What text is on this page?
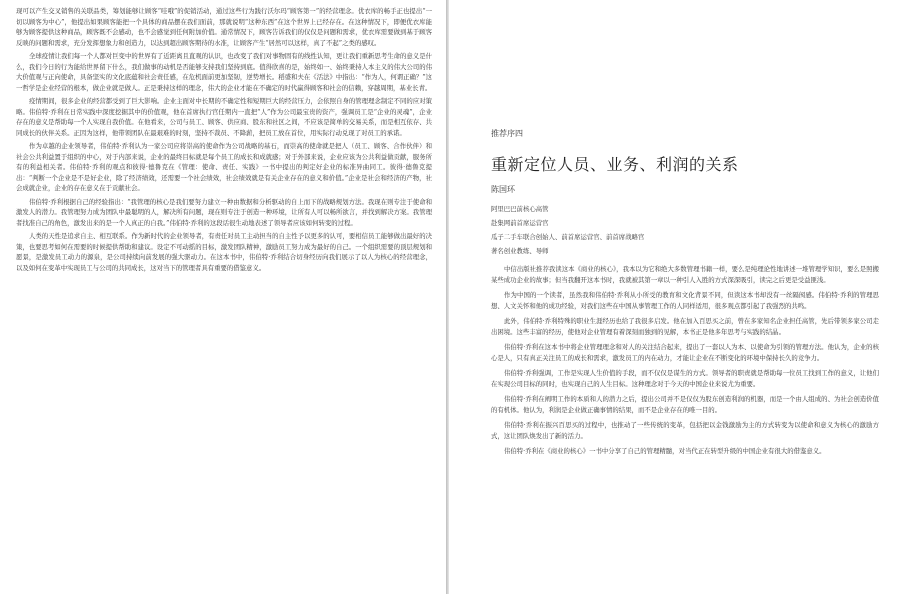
现可以产生交叉销售的关联品类，筹划能够让顾客“哇哦”的促销活动，通过这些行为践行沃尔玛“顾客第一”的经营理念。优衣库的畅手正也提出“一切以顾客为中心”，他提出如果顾客能把一个具体的商品摆在我们面前，那就说明“这种东西”在这个世界上已经存在。在这种情况下，即便优衣库能够为顾客提供这种商品，顾客既不会感动，也不会感觉到任何附加价值。通常情况下，顾客告诉我们的仅仅是问题和需求，优衣库需要做到基于顾客反映的问题和需求，充分发挥想象力和创造力，以达到超出顾客期待的水准，让顾客产生“居然可以这样，真了不起”之类的感叹。

全球疫情让我们每一个人都对巨变中的世界有了近距离且直观的认识，也改变了我们对事物固有的线性认知，更让我们重新思考生命的意义是什么，我们今日的行为能给世界留下什么，我们做事的动机是否能够支持我们坚持到底。值得欣喜的是，始终如一、始终秉持人本主义的伟大公司的伟大价值观与正向使命，具备坚实的文化底蕴和社会责任感，在危机面前更加坚韧，逆势增长。稻盛和夫在《活法》中指出：“作为人，何谓正确？”这一哲学是企业经营的根本，做企业就是做人。正是秉持这样的理念，伟大的企业才能在不确定的时代赢得顾客和社会的信赖，穿越周期，基业长青。

疫情期间，很多企业的经营都受到了巨大影响。企业主面对中长期的不确定性和短期巨大的经营压力，会依照自身的管理理念制定不同的应对策略。伟伯特·乔利在日常实践中深度挖掘其中的价值观，他在首席执行官任期内一直把“人”作为公司最宝贵的资产，强调员工是“企业的灵魂”，企业存在的意义是帮助每一个人实现自我价值。在他看来，公司与员工、顾客、供应商、股东和社区之间，不应该是简单的交易关系，而是相互依存、共同成长的伙伴关系。正因为这样，他带领团队在最艰难的时刻，坚持不裁员、不降薪，把员工放在首位，用实际行动兑现了对员工的承诺。

作为卓越的企业领导者，伟伯特·乔利认为一家公司应将崇高的使命作为公司战略的基石，而崇高的使命就是把人（员工、顾客、合作伙伴）和社会公共利益置于组织的中心，对于内部来说，企业的最终目标就是每个员工的成长和成就感；对于外部来说，企业应该为公共利益做贡献，服务所有的利益相关者。伟伯特·乔利的观点和彼得·德鲁克在《管理：使命、责任、实践》一书中提出的判定好企业的标准异曲同工。彼得·德鲁克提出：“判断一个企业是不是好企业，除了经济绩效，还需要一个社会绩效，社会绩效就是有关企业存在的意义和价值。”企业是社会和经济的产物，社会成就企业，企业的存在意义在于贡献社会。

伟伯特·乔利根据自己的经验指出：“我管理的核心是我们要努力建立一种由数据和分析驱动的自上而下的战略规划方法。我现在则专注于使命和激发人的潜力。我管理努力成为团队中最聪明的人，解决所有问题，现在则专注于创造一种环境，让所有人可以畅所欲言，并找到解决方案。我管理者找准自己的角色，激发出来的是一个人真正的自我。”伟伯特·乔利的这段话很生动地表述了领导者应该如何转变的过程。

人类的天性是追求自主、相互联系。作为新时代的企业领导者，有责任对员工主动担当的自主性予以更多的认可，要相信员工能够做出最好的决策，也要思考如何在需要的时候提供帮助和建议。设定不可动摇的目标，激发团队精神，激励员工努力成为最好的自己。一个组织需要的顶层规划和愿景，是激发员工动力的源泉，是公司持续向前发展的强大驱动力。在这本书中，伟伯特·乔利结合切身经历向我们展示了以人为核心的经营理念，以及如何在变革中实现员工与公司的共同成长，这对当下的管理者具有重要的借鉴意义。

推荐序四

重新定位人员、业务、利润的关系

陈国环

阿里巴巴前核心高管

赴集网前首席运营官

瓜子二手车联合创始人、前首席运营官、前首席战略官

著名创业教练、导师

中信出版社推荐我读这本《商业的核心》，我本以为它和绝大多数管理书籍一样，要么是纯理论性地讲述一堆管理学知识，要么是照搬某些成功企业的故事；但当我翻开这本书时，我就被其第一章以一种引人入胜的方式深深吸引，读完之后更是受益匪浅。

作为中国的一个读者，虽然我和伟伯特·乔利从小所受的教育和文化背景不同，但读这本书却没有一丝隔阂感。伟伯特·乔利的管理思想、人文关怀和他的成功经验，对我们这些在中国从事管理工作的人同样适用，很多观点都引起了我强烈的共鸣。

此外，伟伯特·乔利特殊的职业生涯经历也给了我很多启发。他在加入百思买之前，曾在多家知名企业担任高管，先后带领多家公司走出困境。这些丰富的经历，使他对企业管理有着深刻而独到的见解，本书正是他多年思考与实践的结晶。

伟伯特·乔利在这本书中将企业管理理念和对人的关注结合起来，提出了一套以人为本、以使命为引领的管理方法。他认为，企业的核心是人，只有真正关注员工的成长和需求，激发员工的内在动力，才能让企业在不断变化的环境中保持长久的竞争力。

伟伯特·乔利强调，工作是实现人生价值的手段，而不仅仅是谋生的方式。领导者的职责就是帮助每一位员工找到工作的意义，让他们在实现公司目标的同时，也实现自己的人生目标。这种理念对于今天的中国企业来说尤为重要。

伟伯特·乔利在阐明工作的本质和人的潜力之后，提出公司并不是仅仅为股东创造利润的机器，而是一个由人组成的、为社会创造价值的有机体。他认为，利润是企业做正确事情的结果，而不是企业存在的唯一目的。

伟伯特·乔利在振兴百思买的过程中，也推动了一些传统的变革，包括把以金钱激励为主的方式转变为以使命和意义为核心的激励方式，这让团队焕发出了新的活力。

伟伯特·乔利在《商业的核心》一书中分享了自己的管理精髓，对当代正在转型升级的中国企业有很大的借鉴意义。
